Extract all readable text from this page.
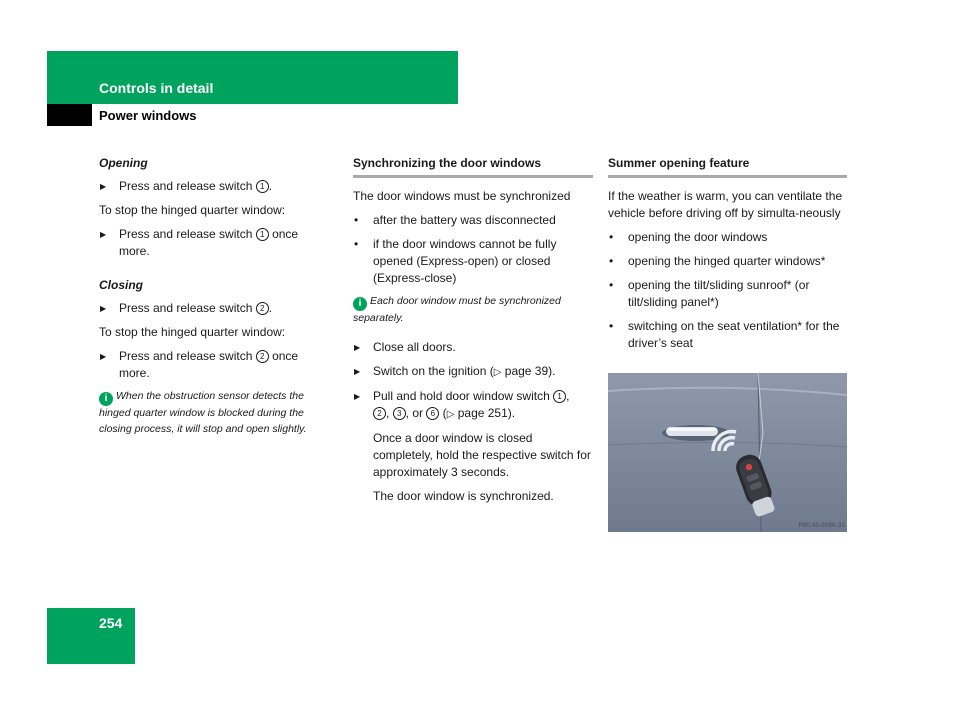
Controls in detail
Power windows
Opening
▶ Press and release switch 1 .

To stop the hinged quarter window:

▶ Press and release switch 1 once more.
Closing
▶ Press and release switch 2 .

To stop the hinged quarter window:

▶ Press and release switch 2 once more.
i When the obstruction sensor detects the hinged quarter window is blocked during the closing process, it will stop and open slightly.
Synchronizing the door windows

The door windows must be synchronized

• after the battery was disconnected
• if the door windows cannot be fully opened (Express-open) or closed (Express-close)
i Each door window must be synchronized separately.
▶ Close all doors.
▶ Switch on the ignition (▷ page 39).
▶ Pull and hold door window switch 1 ,
2 , 3 , or 6 (▷ page 251).

Once a door window is closed completely, hold the respective switch for approximately 3 seconds.

The door window is synchronized.

Summer opening feature

If the weather is warm, you can ventilate the vehicle before driving off by simulta-neously

• opening the door windows
• opening the hinged quarter windows*
• opening the tilt/sliding sunroof* (or tilt/sliding panel*)
• switching on the seat ventilation* for the driver’s seat
P80.45-2066-31
254
